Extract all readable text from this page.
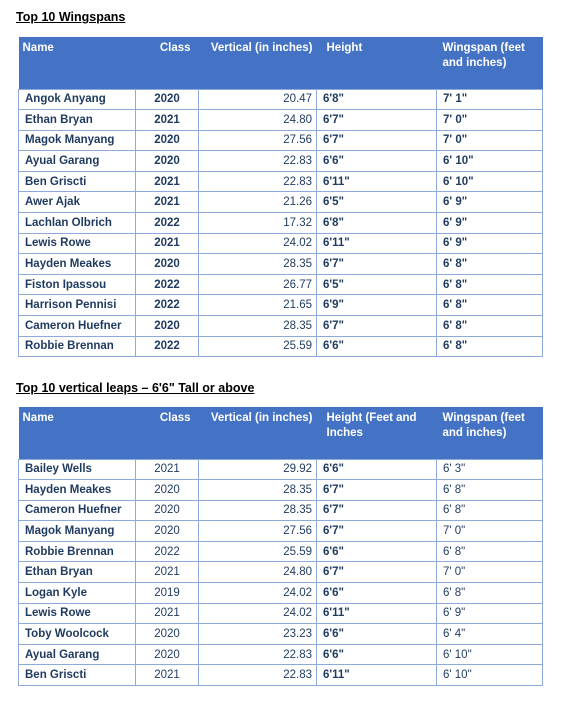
Top 10 Wingspans
Name	Class	Vertical (in inches)	Height	Wingspan (feet and inches)
Angok Anyang	2020	20.47	6'8"	7' 1"
Ethan Bryan	2021	24.80	6'7"	7' 0"
Magok Manyang	2020	27.56	6'7"	7' 0"
Ayual Garang	2020	22.83	6'6"	6' 10"
Ben Griscti	2021	22.83	6'11"	6' 10"
Awer Ajak	2021	21.26	6'5"	6' 9"
Lachlan Olbrich	2022	17.32	6'8"	6' 9"
Lewis Rowe	2021	24.02	6'11"	6' 9"
Hayden Meakes	2020	28.35	6'7"	6' 8"
Fiston Ipassou	2022	26.77	6'5"	6' 8"
Harrison Pennisi	2022	21.65	6'9"	6' 8"
Cameron Huefner	2020	28.35	6'7"	6' 8"
Robbie Brennan	2022	25.59	6'6"	6' 8"
Top 10 vertical leaps – 6'6" Tall or above
Name	Class	Vertical (in inches)	Height (Feet and Inches	Wingspan (feet and inches)
Bailey Wells	2021	29.92	6'6"	6' 3"
Hayden Meakes	2020	28.35	6'7"	6' 8"
Cameron Huefner	2020	28.35	6'7"	6' 8"
Magok Manyang	2020	27.56	6'7"	7' 0"
Robbie Brennan	2022	25.59	6'6"	6' 8"
Ethan Bryan	2021	24.80	6'7"	7' 0"
Logan Kyle	2019	24.02	6'6"	6' 8"
Lewis Rowe	2021	24.02	6'11"	6' 9"
Toby Woolcock	2020	23.23	6'6"	6' 4"
Ayual Garang	2020	22.83	6'6"	6' 10"
Ben Griscti	2021	22.83	6'11"	6' 10"
